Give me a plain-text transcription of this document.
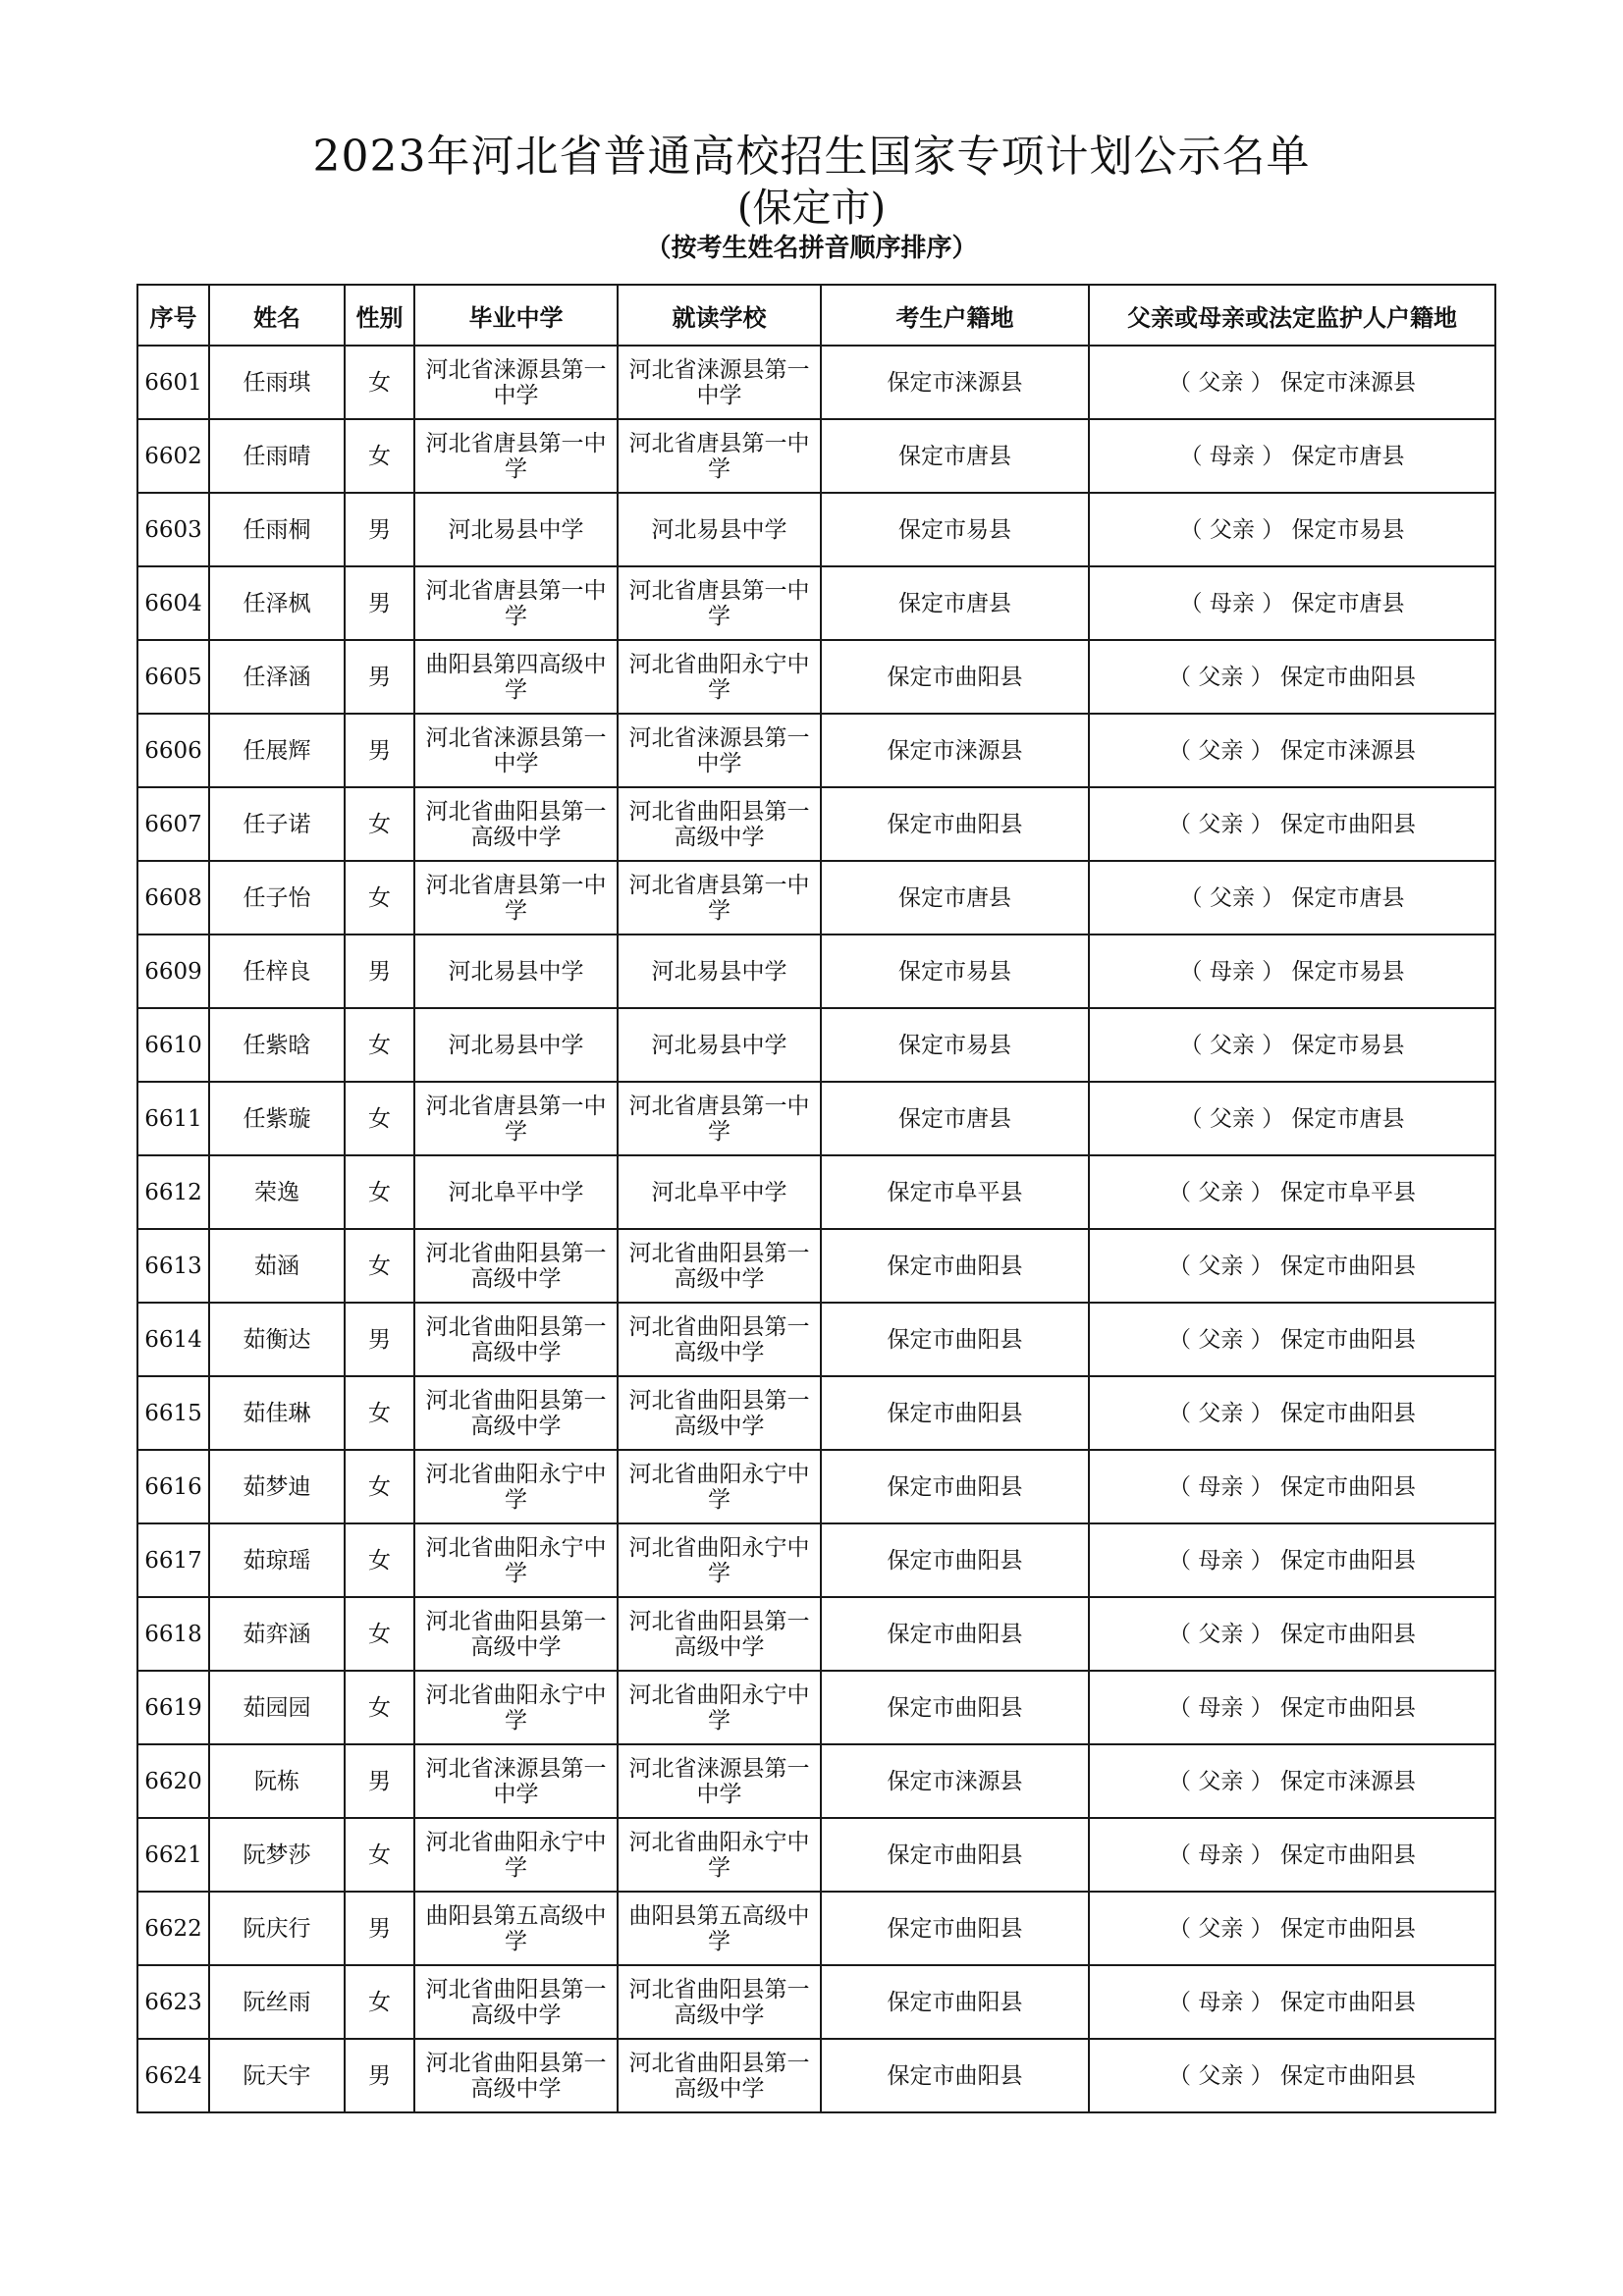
2023年河北省普通高校招生国家专项计划公示名单
(保定市)
（按考生姓名拼音顺序排序）
序号	姓名	性别	毕业中学	就读学校	考生户籍地	父亲或母亲或法定监护人户籍地
6601	任雨琪	女	河北省涞源县第一中学	河北省涞源县第一中学	保定市涞源县	（ 父亲 ） 保定市涞源县
6602	任雨晴	女	河北省唐县第一中学	河北省唐县第一中学	保定市唐县	（ 母亲 ） 保定市唐县
6603	任雨桐	男	河北易县中学	河北易县中学	保定市易县	（ 父亲 ） 保定市易县
6604	任泽枫	男	河北省唐县第一中学	河北省唐县第一中学	保定市唐县	（ 母亲 ） 保定市唐县
6605	任泽涵	男	曲阳县第四高级中学	河北省曲阳永宁中学	保定市曲阳县	（ 父亲 ） 保定市曲阳县
6606	任展辉	男	河北省涞源县第一中学	河北省涞源县第一中学	保定市涞源县	（ 父亲 ） 保定市涞源县
6607	任子诺	女	河北省曲阳县第一高级中学	河北省曲阳县第一高级中学	保定市曲阳县	（ 父亲 ） 保定市曲阳县
6608	任子怡	女	河北省唐县第一中学	河北省唐县第一中学	保定市唐县	（ 父亲 ） 保定市唐县
6609	任梓良	男	河北易县中学	河北易县中学	保定市易县	（ 母亲 ） 保定市易县
6610	任紫晗	女	河北易县中学	河北易县中学	保定市易县	（ 父亲 ） 保定市易县
6611	任紫璇	女	河北省唐县第一中学	河北省唐县第一中学	保定市唐县	（ 父亲 ） 保定市唐县
6612	荣逸	女	河北阜平中学	河北阜平中学	保定市阜平县	（ 父亲 ） 保定市阜平县
6613	茹涵	女	河北省曲阳县第一高级中学	河北省曲阳县第一高级中学	保定市曲阳县	（ 父亲 ） 保定市曲阳县
6614	茹衡达	男	河北省曲阳县第一高级中学	河北省曲阳县第一高级中学	保定市曲阳县	（ 父亲 ） 保定市曲阳县
6615	茹佳琳	女	河北省曲阳县第一高级中学	河北省曲阳县第一高级中学	保定市曲阳县	（ 父亲 ） 保定市曲阳县
6616	茹梦迪	女	河北省曲阳永宁中学	河北省曲阳永宁中学	保定市曲阳县	（ 母亲 ） 保定市曲阳县
6617	茹琼瑶	女	河北省曲阳永宁中学	河北省曲阳永宁中学	保定市曲阳县	（ 母亲 ） 保定市曲阳县
6618	茹弈涵	女	河北省曲阳县第一高级中学	河北省曲阳县第一高级中学	保定市曲阳县	（ 父亲 ） 保定市曲阳县
6619	茹园园	女	河北省曲阳永宁中学	河北省曲阳永宁中学	保定市曲阳县	（ 母亲 ） 保定市曲阳县
6620	阮栋	男	河北省涞源县第一中学	河北省涞源县第一中学	保定市涞源县	（ 父亲 ） 保定市涞源县
6621	阮梦莎	女	河北省曲阳永宁中学	河北省曲阳永宁中学	保定市曲阳县	（ 母亲 ） 保定市曲阳县
6622	阮庆行	男	曲阳县第五高级中学	曲阳县第五高级中学	保定市曲阳县	（ 父亲 ） 保定市曲阳县
6623	阮丝雨	女	河北省曲阳县第一高级中学	河北省曲阳县第一高级中学	保定市曲阳县	（ 母亲 ） 保定市曲阳县
6624	阮天宇	男	河北省曲阳县第一高级中学	河北省曲阳县第一高级中学	保定市曲阳县	（ 父亲 ） 保定市曲阳县
